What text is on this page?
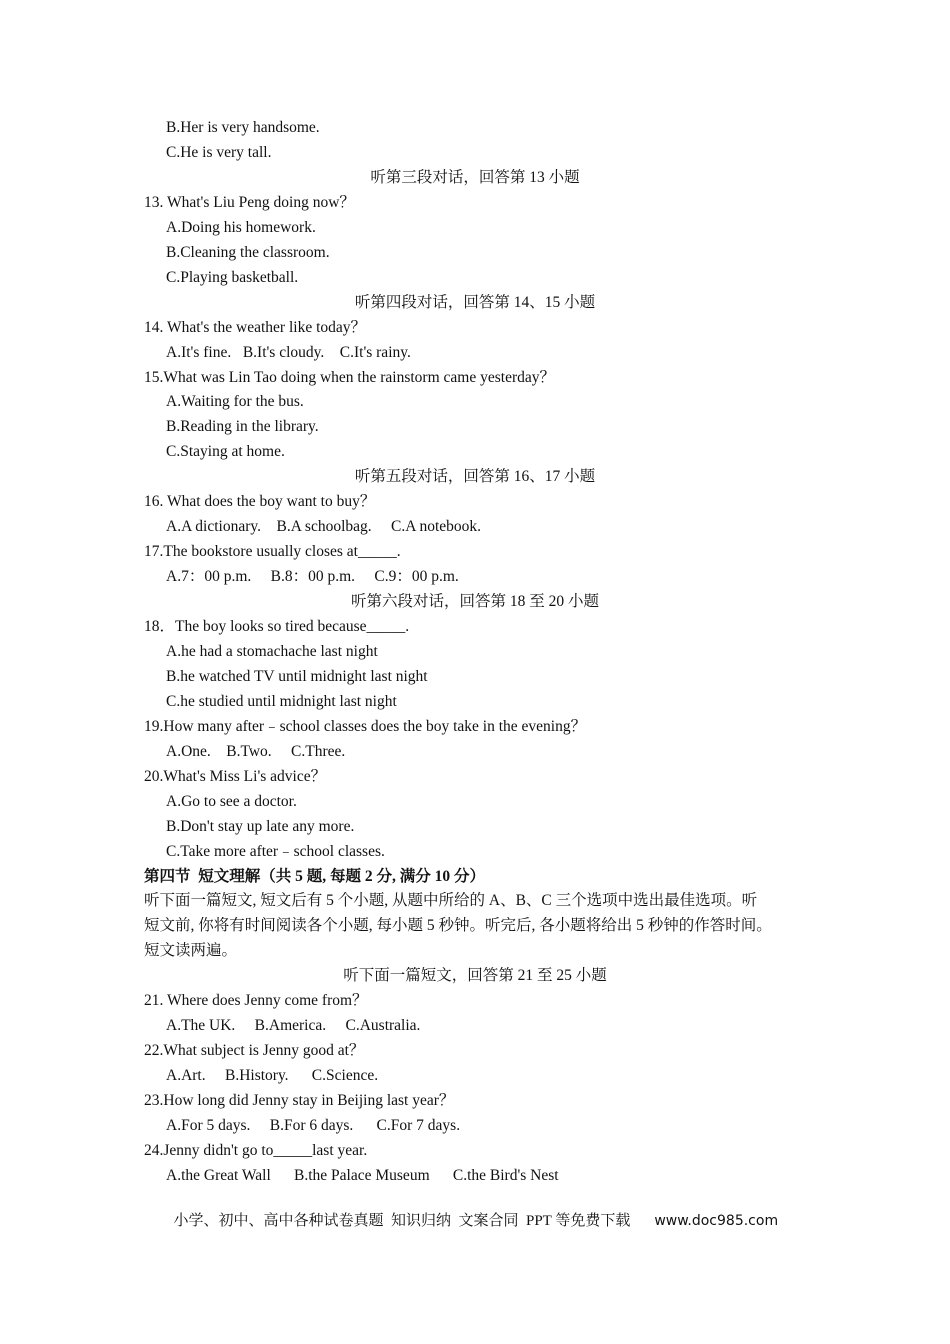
B.Her is very handsome.
C.He is very tall.
听第三段对话，回答第 13 小题
13. What's Liu Peng doing now？
A.Doing his homework.
B.Cleaning the classroom.
C.Playing basketball.
听第四段对话，回答第 14、15 小题
14. What's the weather like today？
A.It's fine.   B.It's cloudy.    C.It's rainy.
15.What was Lin Tao doing when the rainstorm came yesterday？
A.Waiting for the bus.
B.Reading in the library.
C.Staying at home.
听第五段对话，回答第 16、17 小题
16. What does the boy want to buy？
A.A dictionary.    B.A schoolbag.     C.A notebook.
17.The bookstore usually closes at_____.
A.7：00 p.m.     B.8：00 p.m.     C.9：00 p.m.
听第六段对话，回答第 18 至 20 小题
18．The boy looks so tired because_____.
A.he had a stomachache last night
B.he watched TV until midnight last night
C.he studied until midnight last night
19.How many after﹣school classes does the boy take in the evening？
A.One.    B.Two.     C.Three.
20.What's Miss Li's advice？
A.Go to see a doctor.
B.Don't stay up late any more.
C.Take more after﹣school classes.
第四节  短文理解（共 5 题, 每题 2 分, 满分 10 分）
听下面一篇短文, 短文后有 5 个小题, 从题中所给的 A、B、C 三个选项中选出最佳选项。听
短文前, 你将有时间阅读各个小题, 每小题 5 秒钟。听完后, 各小题将给出 5 秒钟的作答时间。
短文读两遍。
听下面一篇短文，回答第 21 至 25 小题
21. Where does Jenny come from？
A.The UK.     B.America.     C.Australia.
22.What subject is Jenny good at？
A.Art.     B.History.      C.Science.
23.How long did Jenny stay in Beijing last year？
A.For 5 days.     B.For 6 days.      C.For 7 days.
24.Jenny didn't go to_____last year.
A.the Great Wall      B.the Palace Museum      C.the Bird's Nest

小学、初中、高中各种试卷真题  知识归纳  文案合同  PPT 等免费下载 www.doc985.com
